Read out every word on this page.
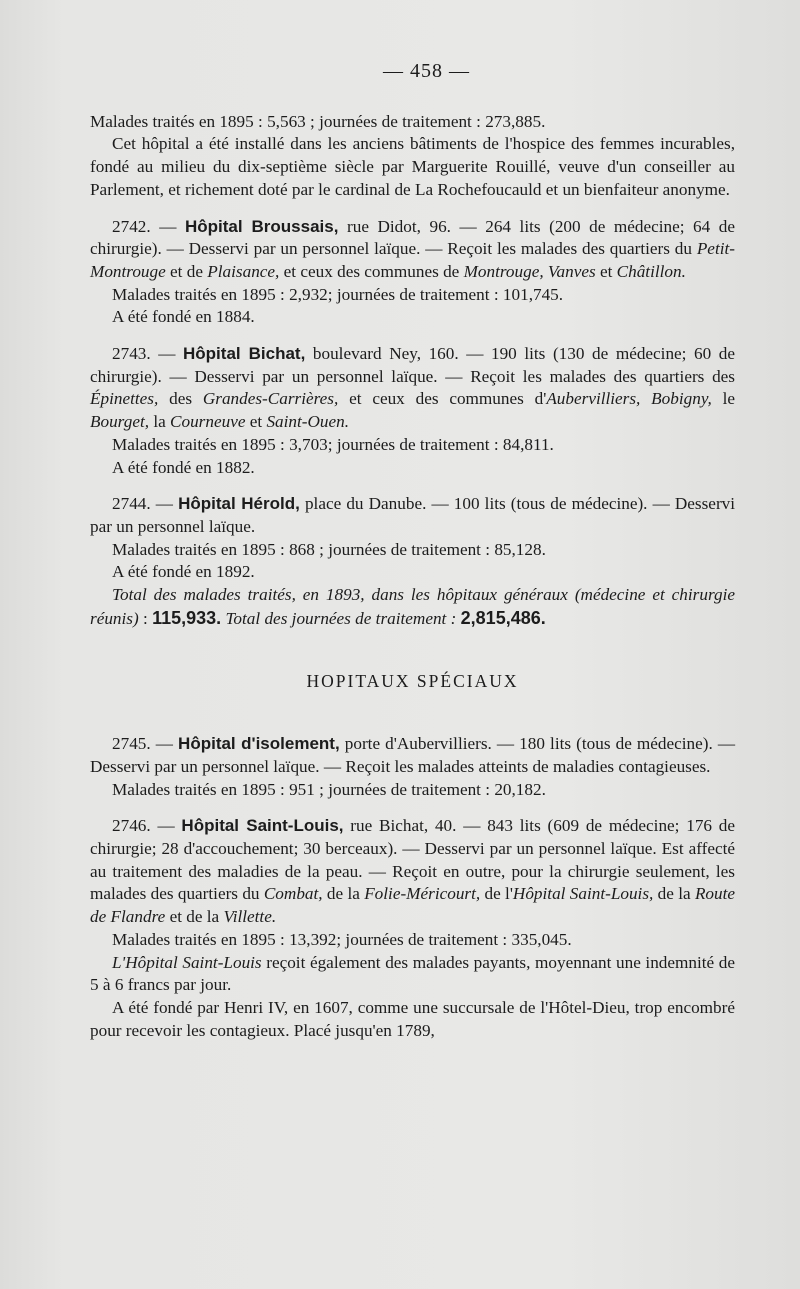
— 458 —

Malades traités en 1895 : 5,563 ; journées de traitement : 273,885.

Cet hôpital a été installé dans les anciens bâtiments de l'hospice des femmes incurables, fondé au milieu du dix-septième siècle par Marguerite Rouillé, veuve d'un conseiller au Parlement, et richement doté par le cardinal de La Rochefoucauld et un bienfaiteur anonyme.

2742. — Hôpital Broussais, rue Didot, 96. — 264 lits (200 de médecine; 64 de chirurgie). — Desservi par un personnel laïque. — Reçoit les malades des quartiers du Petit-Montrouge et de Plaisance, et ceux des communes de Montrouge, Vanves et Châtillon.

Malades traités en 1895 : 2,932; journées de traitement : 101,745.

A été fondé en 1884.

2743. — Hôpital Bichat, boulevard Ney, 160. — 190 lits (130 de médecine; 60 de chirurgie). — Desservi par un personnel laïque. — Reçoit les malades des quartiers des Épinettes, des Grandes-Carrières, et ceux des communes d'Aubervilliers, Bobigny, le Bourget, la Courneuve et Saint-Ouen.

Malades traités en 1895 : 3,703; journées de traitement : 84,811.

A été fondé en 1882.

2744. — Hôpital Hérold, place du Danube. — 100 lits (tous de médecine). — Desservi par un personnel laïque.

Malades traités en 1895 : 868 ; journées de traitement : 85,128.

A été fondé en 1892.

Total des malades traités, en 1893, dans les hôpitaux généraux (médecine et chirurgie réunis) : 115,933. Total des journées de traitement : 2,815,486.

HOPITAUX SPÉCIAUX

2745. — Hôpital d'isolement, porte d'Aubervilliers. — 180 lits (tous de médecine). — Desservi par un personnel laïque. — Reçoit les malades atteints de maladies contagieuses.

Malades traités en 1895 : 951 ; journées de traitement : 20,182.

2746. — Hôpital Saint-Louis, rue Bichat, 40. — 843 lits (609 de médecine; 176 de chirurgie; 28 d'accouchement; 30 berceaux). — Desservi par un personnel laïque. Est affecté au traitement des maladies de la peau. — Reçoit en outre, pour la chirurgie seulement, les malades des quartiers du Combat, de la Folie-Méricourt, de l'Hôpital Saint-Louis, de la Route de Flandre et de la Villette.

Malades traités en 1895 : 13,392; journées de traitement : 335,045.

L'Hôpital Saint-Louis reçoit également des malades payants, moyennant une indemnité de 5 à 6 francs par jour.

A été fondé par Henri IV, en 1607, comme une succursale de l'Hôtel-Dieu, trop encombré pour recevoir les contagieux. Placé jusqu'en 1789,
